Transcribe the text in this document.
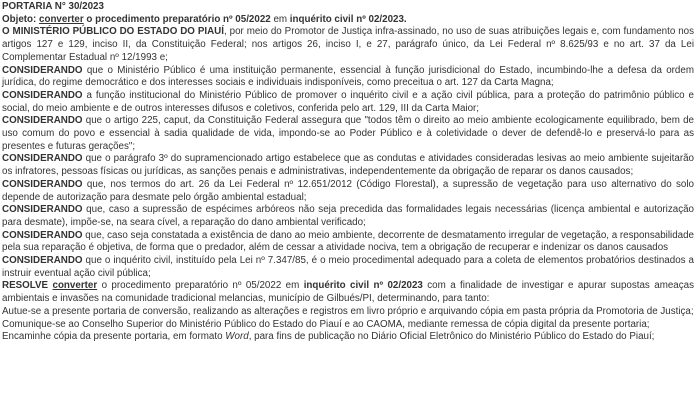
PORTARIA N° 30/2023

Objeto: converter o procedimento preparatório nº 05/2022 em inquérito civil nº 02/2023.

O MINISTÉRIO PÚBLICO DO ESTADO DO PIAUÍ, por meio do Promotor de Justiça infra-assinado, no uso de suas atribuições legais e, com fundamento nos artigos 127 e 129, inciso II, da Constituição Federal; nos artigos 26, inciso I, e 27, parágrafo único, da Lei Federal nº 8.625/93 e no art. 37 da Lei Complementar Estadual nº 12/1993 e;

CONSIDERANDO que o Ministério Público é uma instituição permanente, essencial à função jurisdicional do Estado, incumbindo-lhe a defesa da ordem jurídica, do regime democrático e dos interesses sociais e individuais indisponíveis, como preceitua o art. 127 da Carta Magna;

CONSIDERANDO a função institucional do Ministério Público de promover o inquérito civil e a ação civil pública, para a proteção do patrimônio público e social, do meio ambiente e de outros interesses difusos e coletivos, conferida pelo art. 129, III da Carta Maior;

CONSIDERANDO que o artigo 225, caput, da Constituição Federal assegura que "todos têm o direito ao meio ambiente ecologicamente equilibrado, bem de uso comum do povo e essencial à sadia qualidade de vida, impondo-se ao Poder Público e à coletividade o dever de defendê-lo e preservá-lo para as presentes e futuras gerações";

CONSIDERANDO que o parágrafo 3º do supramencionado artigo estabelece que as condutas e atividades consideradas lesivas ao meio ambiente sujeitarão os infratores, pessoas físicas ou jurídicas, as sanções penais e administrativas, independentemente da obrigação de reparar os danos causados;

CONSIDERANDO que, nos termos do art. 26 da Lei Federal nº 12.651/2012 (Código Florestal), a supressão de vegetação para uso alternativo do solo depende de autorização para desmate pelo órgão ambiental estadual;

CONSIDERANDO que, caso a supressão de espécimes arbóreos não seja precedida das formalidades legais necessárias (licença ambiental e autorização para desmate), impõe-se, na seara cível, a reparação do dano ambiental verificado;

CONSIDERANDO que, caso seja constatada a existência de dano ao meio ambiente, decorrente de desmatamento irregular de vegetação, a responsabilidade pela sua reparação é objetiva, de forma que o predador, além de cessar a atividade nociva, tem a obrigação de recuperar e indenizar os danos causados

CONSIDERANDO que o inquérito civil, instituído pela Lei nº 7.347/85, é o meio procedimental adequado para a coleta de elementos probatórios destinados a instruir eventual ação civil pública;

RESOLVE converter o procedimento preparatório nº 05/2022 em inquérito civil nº 02/2023 com a finalidade de investigar e apurar supostas ameaças ambientais e invasões na comunidade tradicional melancias, município de Gilbués/PI, determinando, para tanto:

Autue-se a presente portaria de conversão, realizando as alterações e registros em livro próprio e arquivando cópia em pasta própria da Promotoria de Justiça;

Comunique-se ao Conselho Superior do Ministério Público do Estado do Piauí e ao CAOMA, mediante remessa de cópia digital da presente portaria;

Encaminhe cópia da presente portaria, em formato Word, para fins de publicação no Diário Oficial Eletrônico do Ministério Público do Estado do Piauí;
